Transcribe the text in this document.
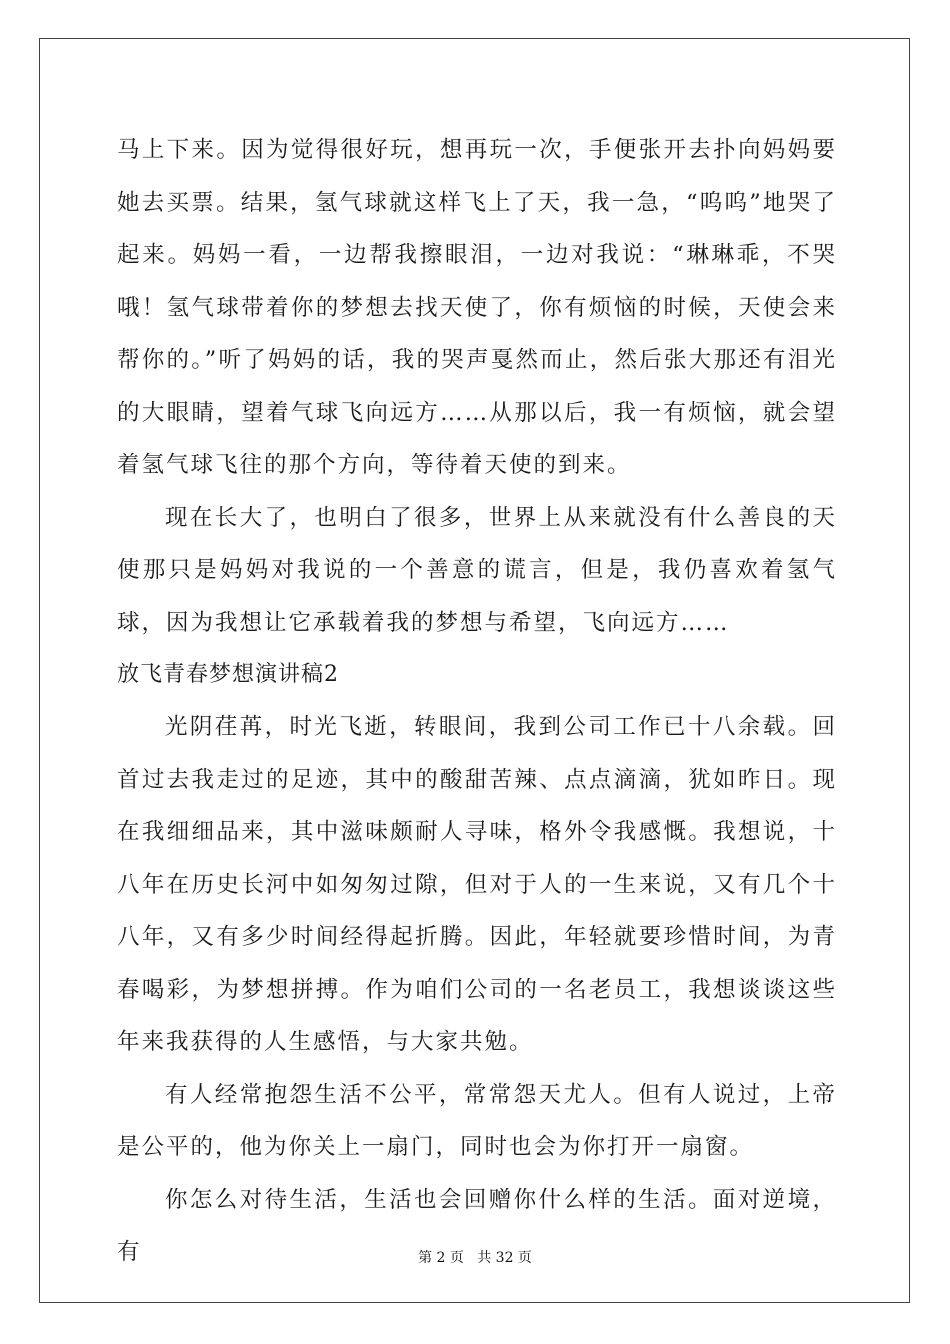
马上下来。因为觉得很好玩，想再玩一次，手便张开去扑向妈妈要她去买票。结果，氢气球就这样飞上了天，我一急，“呜呜”地哭了起来。妈妈一看，一边帮我擦眼泪，一边对我说：“琳琳乖，不哭哦！氢气球带着你的梦想去找天使了，你有烦恼的时候，天使会来帮你的。”听了妈妈的话，我的哭声戛然而止，然后张大那还有泪光的大眼睛，望着气球飞向远方……从那以后，我一有烦恼，就会望着氢气球飞往的那个方向，等待着天使的到来。

现在长大了，也明白了很多，世界上从来就没有什么善良的天使那只是妈妈对我说的一个善意的谎言，但是，我仍喜欢着氢气球，因为我想让它承载着我的梦想与希望，飞向远方……

放飞青春梦想演讲稿2

光阴荏苒，时光飞逝，转眼间，我到公司工作已十八余载。回首过去我走过的足迹，其中的酸甜苦辣、点点滴滴，犹如昨日。现在我细细品来，其中滋味颇耐人寻味，格外令我感慨。我想说，十八年在历史长河中如匆匆过隙，但对于人的一生来说，又有几个十八年，又有多少时间经得起折腾。因此，年轻就要珍惜时间，为青春喝彩，为梦想拼搏。作为咱们公司的一名老员工，我想谈谈这些年来我获得的人生感悟，与大家共勉。

有人经常抱怨生活不公平，常常怨天尤人。但有人说过，上帝是公平的，他为你关上一扇门，同时也会为你打开一扇窗。

你怎么对待生活，生活也会回赠你什么样的生活。面对逆境，有	第 2 页   共 32 页
